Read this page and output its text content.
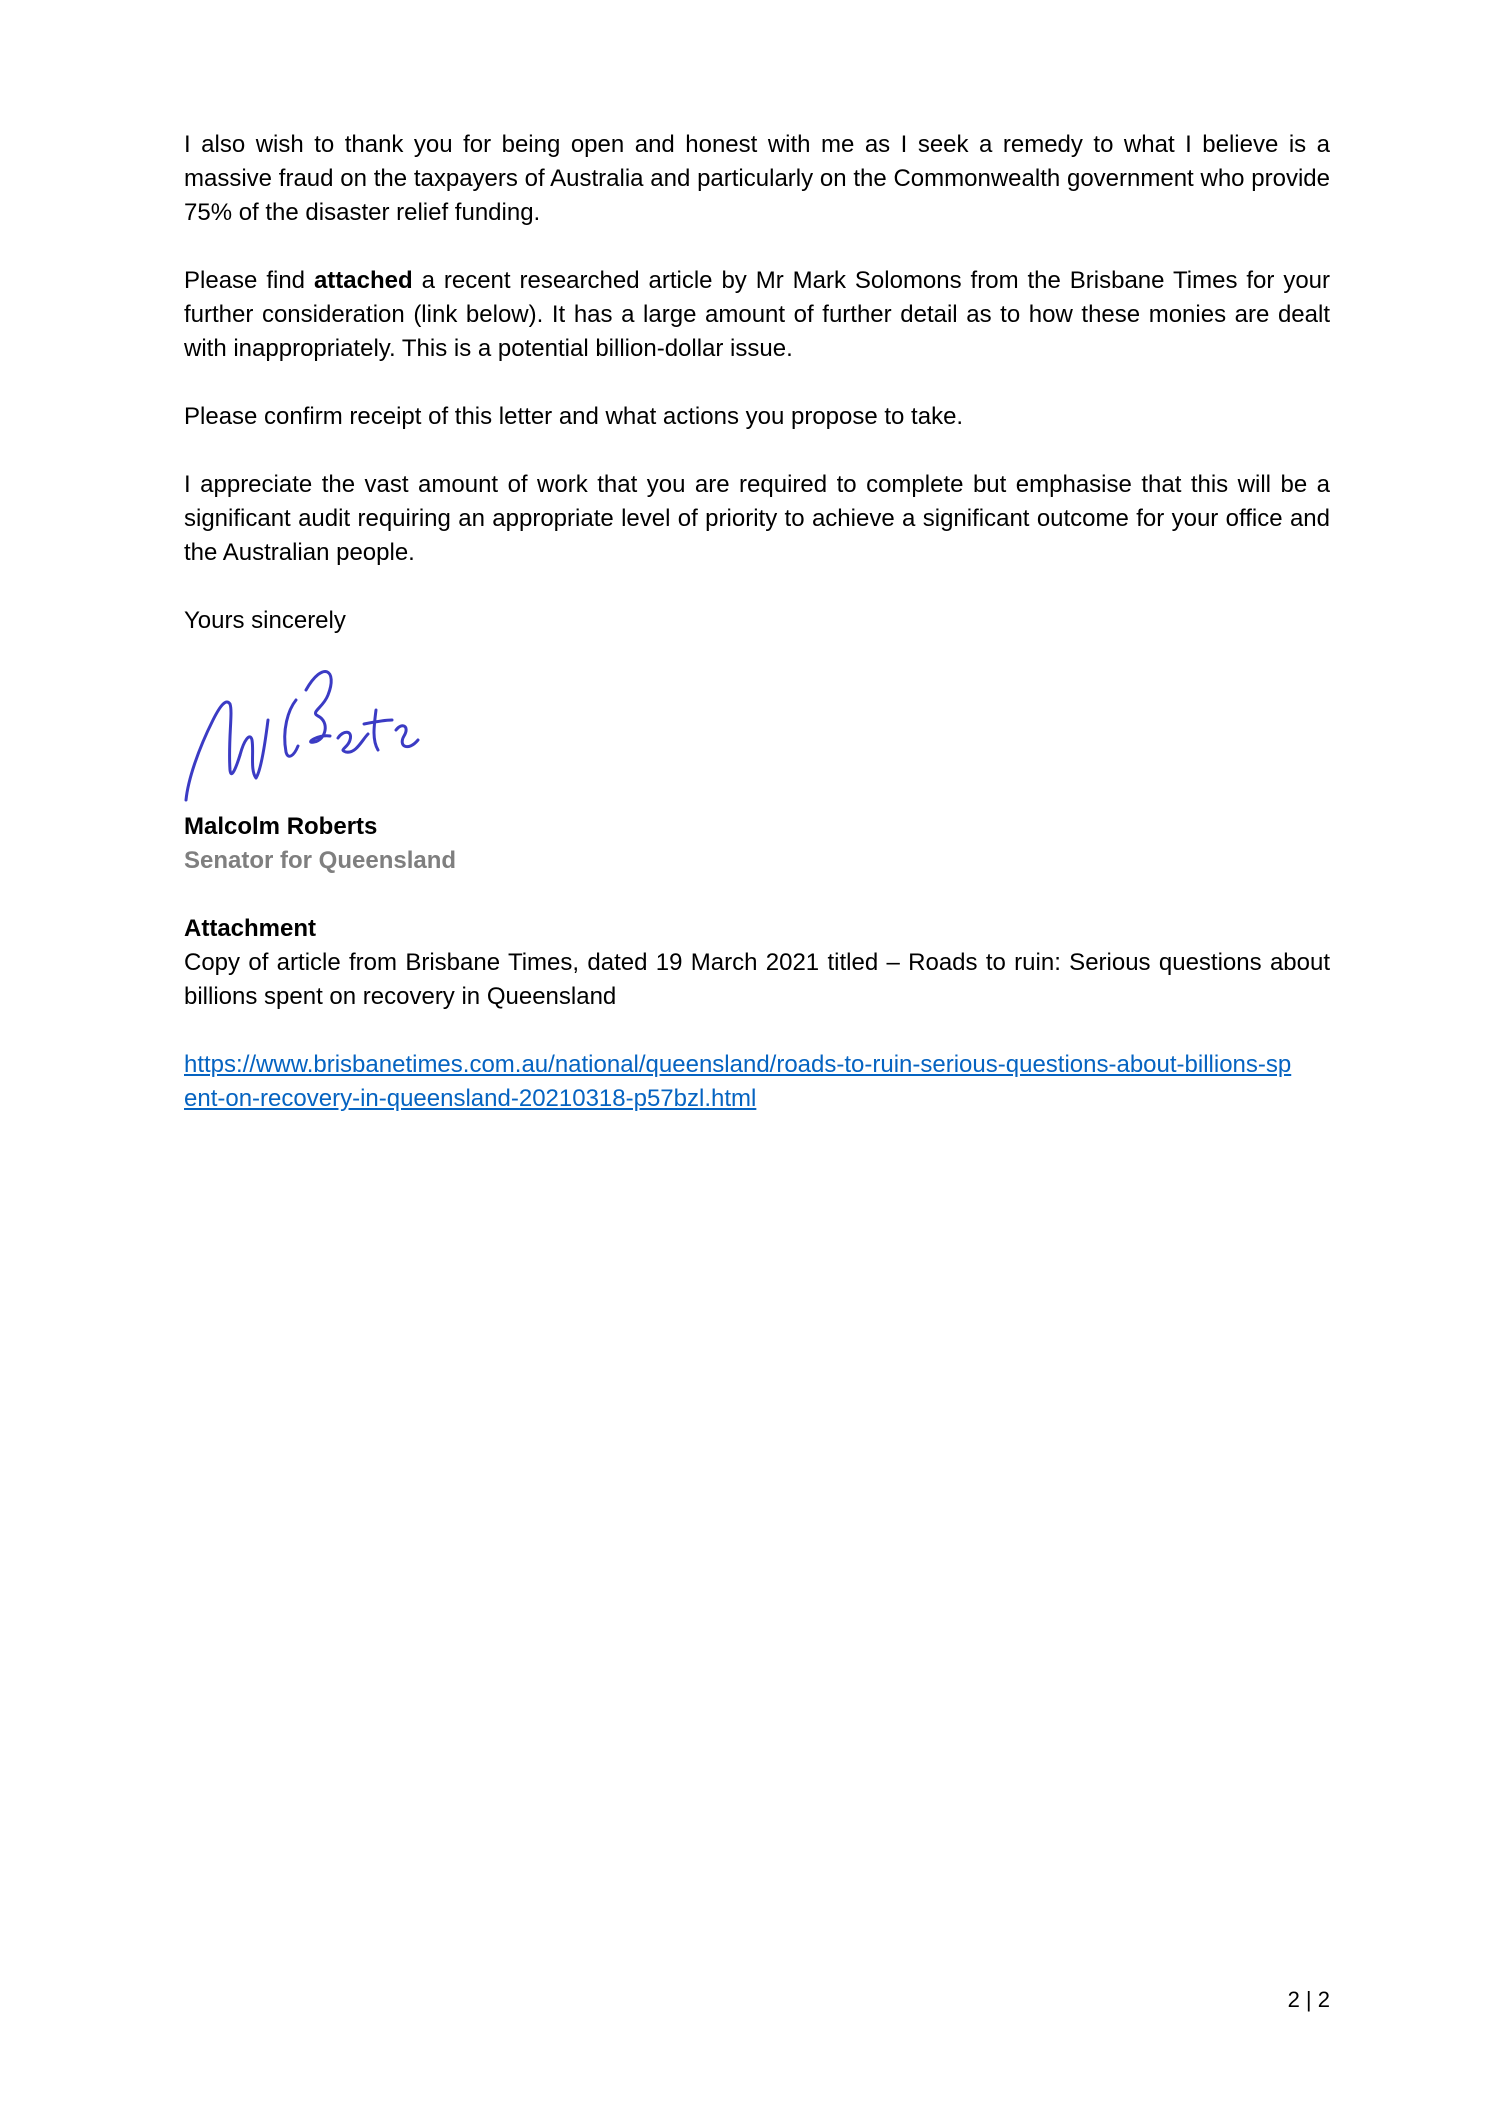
I also wish to thank you for being open and honest with me as I seek a remedy to what I believe is a massive fraud on the taxpayers of Australia and particularly on the Commonwealth government who provide 75% of the disaster relief funding.

Please find attached a recent researched article by Mr Mark Solomons from the Brisbane Times for your further consideration (link below). It has a large amount of further detail as to how these monies are dealt with inappropriately. This is a potential billion-dollar issue.

Please confirm receipt of this letter and what actions you propose to take.

I appreciate the vast amount of work that you are required to complete but emphasise that this will be a significant audit requiring an appropriate level of priority to achieve a significant outcome for your office and the Australian people.

Yours sincerely

Malcolm Roberts
Senator for Queensland
Attachment

Copy of article from Brisbane Times, dated 19 March 2021 titled – Roads to ruin: Serious questions about billions spent on recovery in Queensland

https://www.brisbanetimes.com.au/national/queensland/roads-to-ruin-serious-questions-about-billions-spent-on-recovery-in-queensland-20210318-p57bzl.html
2 | 2
